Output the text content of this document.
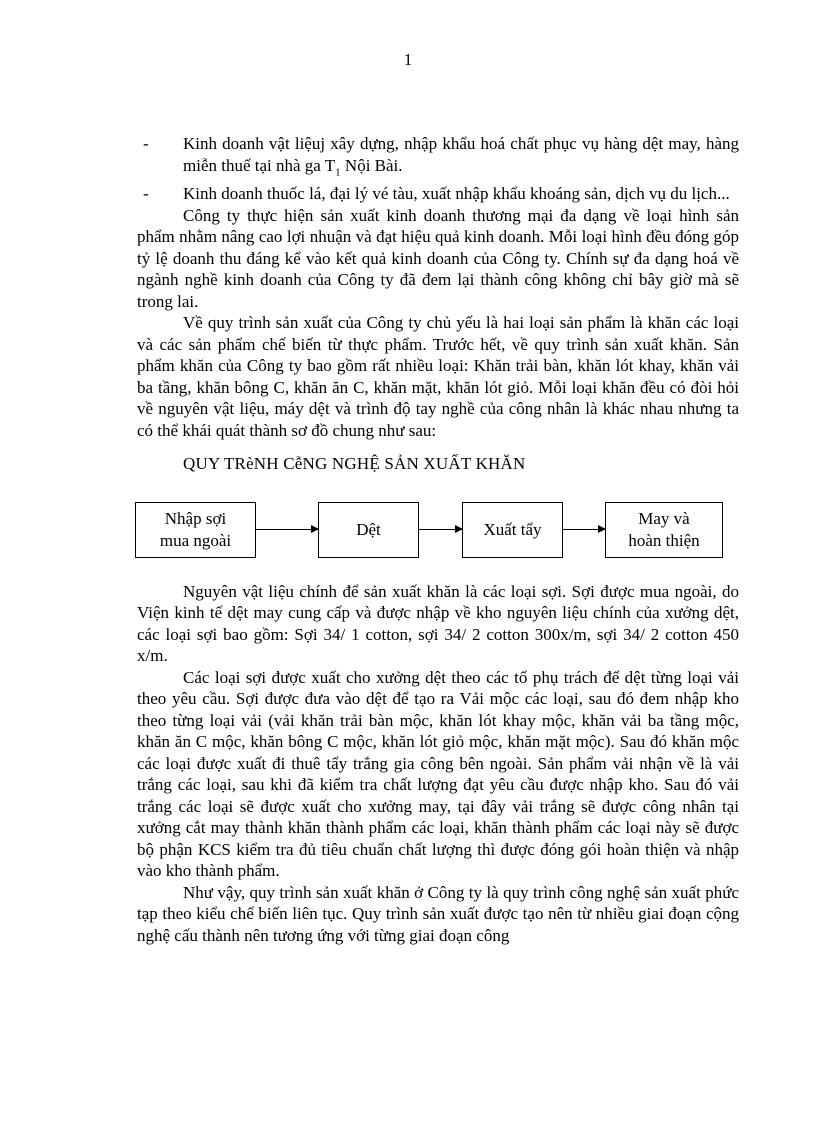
1
- Kinh doanh vật liệuj xây dựng, nhập khẩu hoá chất phục vụ hàng dệt may, hàng miễn thuế tại nhà ga $T_1$ Nội Bài.
- Kinh doanh thuốc lá, đại lý vé tàu, xuất nhập khẩu khoáng sản, dịch vụ du lịch...

Công ty thực hiện sản xuất kinh doanh thương mại đa dạng về loại hình sản phẩm nhằm nâng cao lợi nhuận và đạt hiệu quả kinh doanh. Mỗi loại hình đều đóng góp tỷ lệ doanh thu đáng kể vào kết quả kinh doanh của Công ty. Chính sự đa dạng hoá về ngành nghề kinh doanh của Công ty đã đem lại thành công không chỉ bây giờ mà sẽ trong lai.

Về quy trình sản xuất của Công ty chủ yếu là hai loại sản phẩm là khăn các loại và các sản phẩm chế biến từ thực phẩm. Trước hết, về quy trình sản xuất khăn. Sản phẩm khăn của Công ty bao gồm rất nhiều loại: Khăn trải bàn, khăn lót khay, khăn vải ba tầng, khăn bông C, khăn ăn C, khăn mặt, khăn lót giỏ. Mỗi loại khăn đều có đòi hỏi về nguyên vật liệu, máy dệt và trình độ tay nghề của công nhân là khác nhau nhưng ta có thể khái quát thành sơ đồ chung như sau:

QUY TRèNH CễNG NGHỆ SẢN XUẤT KHĂN
Nhập sợi
mua ngoài
Dệt	Xuất tẩy
May và
hoàn thiện

Nguyên vật liệu chính để sản xuất khăn là các loại sợi. Sợi được mua ngoài, do Viện kinh tế dệt may cung cấp và được nhập về kho nguyên liệu chính của xưởng dệt, các loại sợi bao gồm: Sợi 34/ 1 cotton, sợi 34/ 2 cotton 300x/m, sợi 34/ 2 cotton 450 x/m.

Các loại sợi được xuất cho xưởng dệt theo các tổ phụ trách để dệt từng loại vải theo yêu cầu. Sợi được đưa vào dệt để tạo ra Vải mộc các loại, sau đó đem nhập kho theo từng loại vải (vải khăn trải bàn mộc, khăn lót khay mộc, khăn vải ba tầng mộc, khăn ăn C mộc, khăn bông C mộc, khăn lót giỏ mộc, khăn mặt mộc). Sau đó khăn mộc các loại được xuất đi thuê tẩy trắng gia công bên ngoài. Sản phẩm vải nhận về là vải trắng các loại, sau khi đã kiểm tra chất lượng đạt yêu cầu được nhập kho. Sau đó vải trắng các loại sẽ được xuất cho xưởng may, tại đây vải trắng sẽ được công nhân tại xưởng cắt may thành khăn thành phẩm các loại, khăn thành phẩm các loại này sẽ được bộ phận KCS kiểm tra đủ tiêu chuẩn chất lượng thì được đóng gói hoàn thiện và nhập vào kho thành phẩm.

Như vậy, quy trình sản xuất khăn ở Công ty là quy trình công nghệ sản xuất phức tạp theo kiểu chế biến liên tục. Quy trình sản xuất được tạo nên từ nhiều giai đoạn cộng nghệ cấu thành nên tương ứng với từng giai đoạn công
